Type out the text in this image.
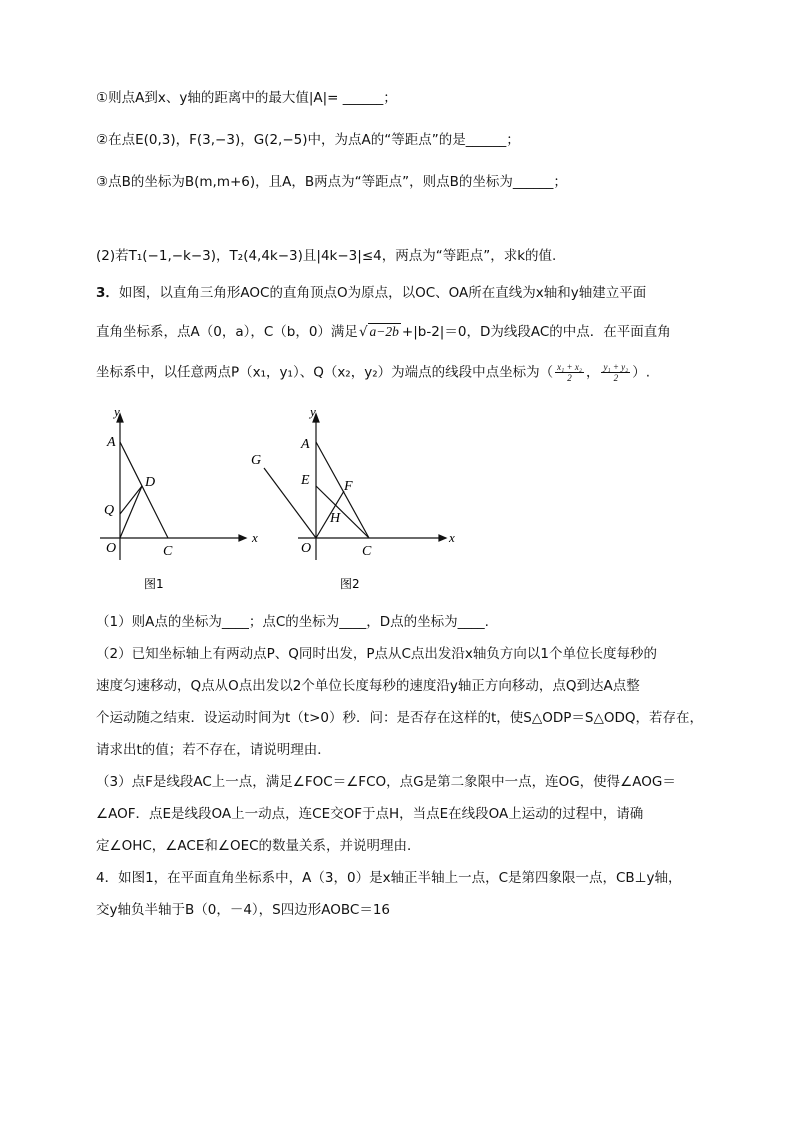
①则点A到x、y轴的距离中的最大值|A|= ______；
②在点E(0,3)，F(3,−3)，G(2,−5)中，为点A的“等距点”的是______；
③点B的坐标为B(m,m+6)，且A，B两点为“等距点”，则点B的坐标为______；
(2)若T₁(−1,−k−3)，T₂(4,4k−3)且|4k−3|≤4，两点为“等距点”，求k的值.
3．如图，以直角三角形AOC的直角顶点O为原点，以OC、OA所在直线为x轴和y轴建立平面
直角坐标系，点A（0，a），C（b，0）满足√ a−2b +|b-2|＝0，D为线段AC的中点．在平面直角
坐标系中，以任意两点P（x₁，y₁）、Q（x₂，y₂）为端点的线段中点坐标为（ $\frac{\text{x₁ + x₂}}{2}$ ， $\frac{\text{y₁ + y₂}}{2}$ ）.
y
x
A
D
Q
O	C
图1
y
x
A
G
E F
H
O	C
图2
（1）则A点的坐标为____；点C的坐标为____，D点的坐标为____.
（2）已知坐标轴上有两动点P、Q同时出发，P点从C点出发沿x轴负方向以1个单位长度每秒的
速度匀速移动，Q点从O点出发以2个单位长度每秒的速度沿y轴正方向移动，点Q到达A点整
个运动随之结束．设运动时间为t（t>0）秒．问：是否存在这样的t，使S△ODP＝S△ODQ，若存在，
请求出t的值；若不存在，请说明理由．
（3）点F是线段AC上一点，满足∠FOC＝∠FCO，点G是第二象限中一点，连OG，使得∠AOG＝
∠AOF．点E是线段OA上一动点，连CE交OF于点H，当点E在线段OA上运动的过程中，请确
定∠OHC，∠ACE和∠OEC的数量关系，并说明理由．
4．如图1，在平面直角坐标系中，A（3，0）是x轴正半轴上一点，C是第四象限一点，CB⊥y轴，
交y轴负半轴于B（0，－4），S四边形AOBC＝16
